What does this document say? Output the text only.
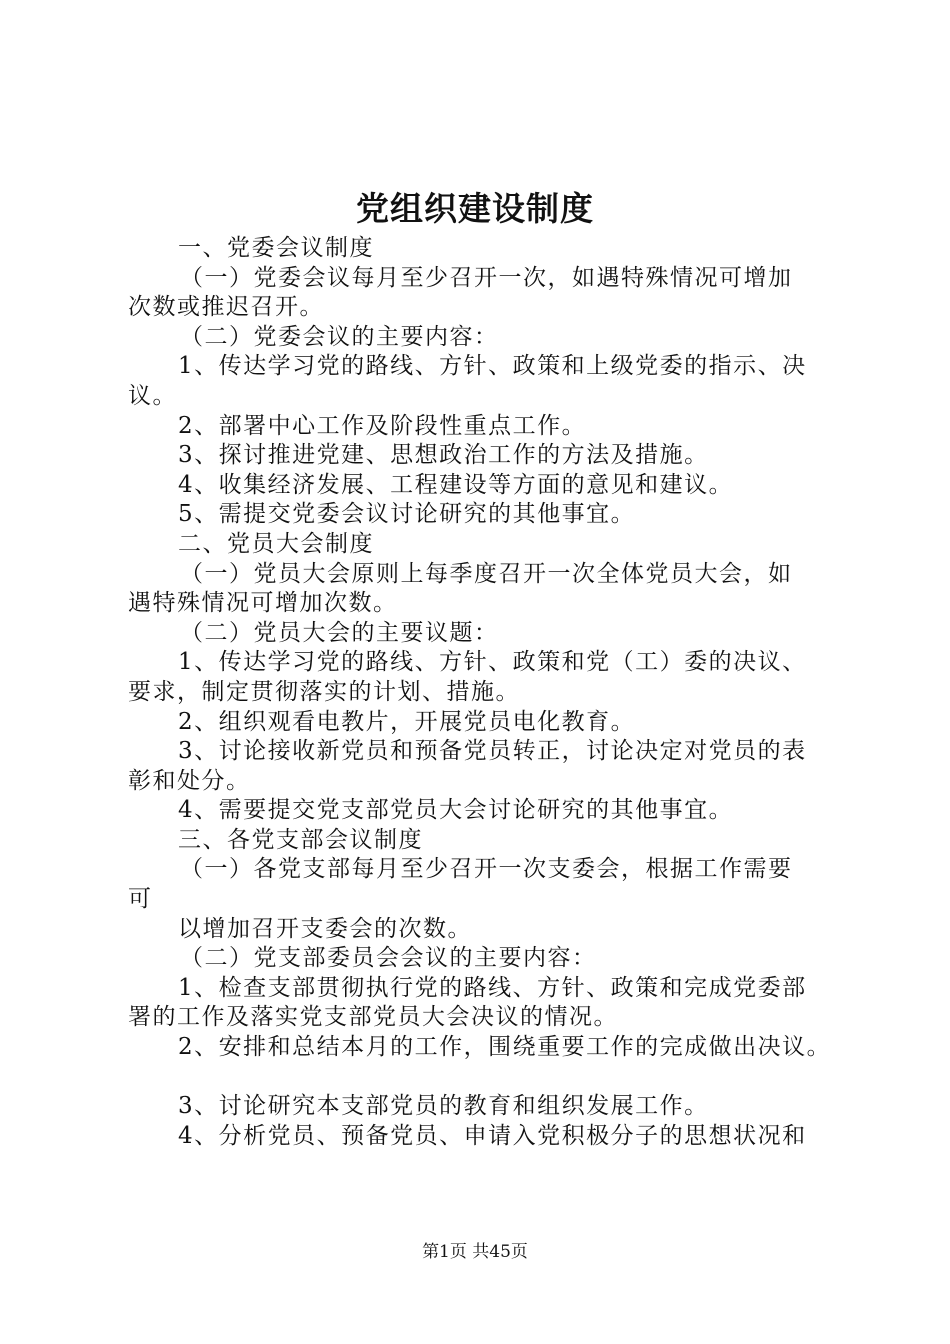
党组织建设制度
一、党委会议制度
（一）党委会议每月至少召开一次，如遇特殊情况可增加
次数或推迟召开。
（二）党委会议的主要内容：
1、传达学习党的路线、方针、政策和上级党委的指示、决
议。
2、部署中心工作及阶段性重点工作。
3、探讨推进党建、思想政治工作的方法及措施。
4、收集经济发展、工程建设等方面的意见和建议。
5、需提交党委会议讨论研究的其他事宜。
二、党员大会制度
（一）党员大会原则上每季度召开一次全体党员大会，如
遇特殊情况可增加次数。
（二）党员大会的主要议题：
1、传达学习党的路线、方针、政策和党（工）委的决议、
要求，制定贯彻落实的计划、措施。
2、组织观看电教片，开展党员电化教育。
3、讨论接收新党员和预备党员转正，讨论决定对党员的表
彰和处分。
4、需要提交党支部党员大会讨论研究的其他事宜。
三、各党支部会议制度
（一）各党支部每月至少召开一次支委会，根据工作需要
可
以增加召开支委会的次数。
（二）党支部委员会会议的主要内容：
1、检查支部贯彻执行党的路线、方针、政策和完成党委部
署的工作及落实党支部党员大会决议的情况。
2、安排和总结本月的工作，围绕重要工作的完成做出决议。
3、讨论研究本支部党员的教育和组织发展工作。
4、分析党员、预备党员、申请入党积极分子的思想状况和
第1页 共45页
